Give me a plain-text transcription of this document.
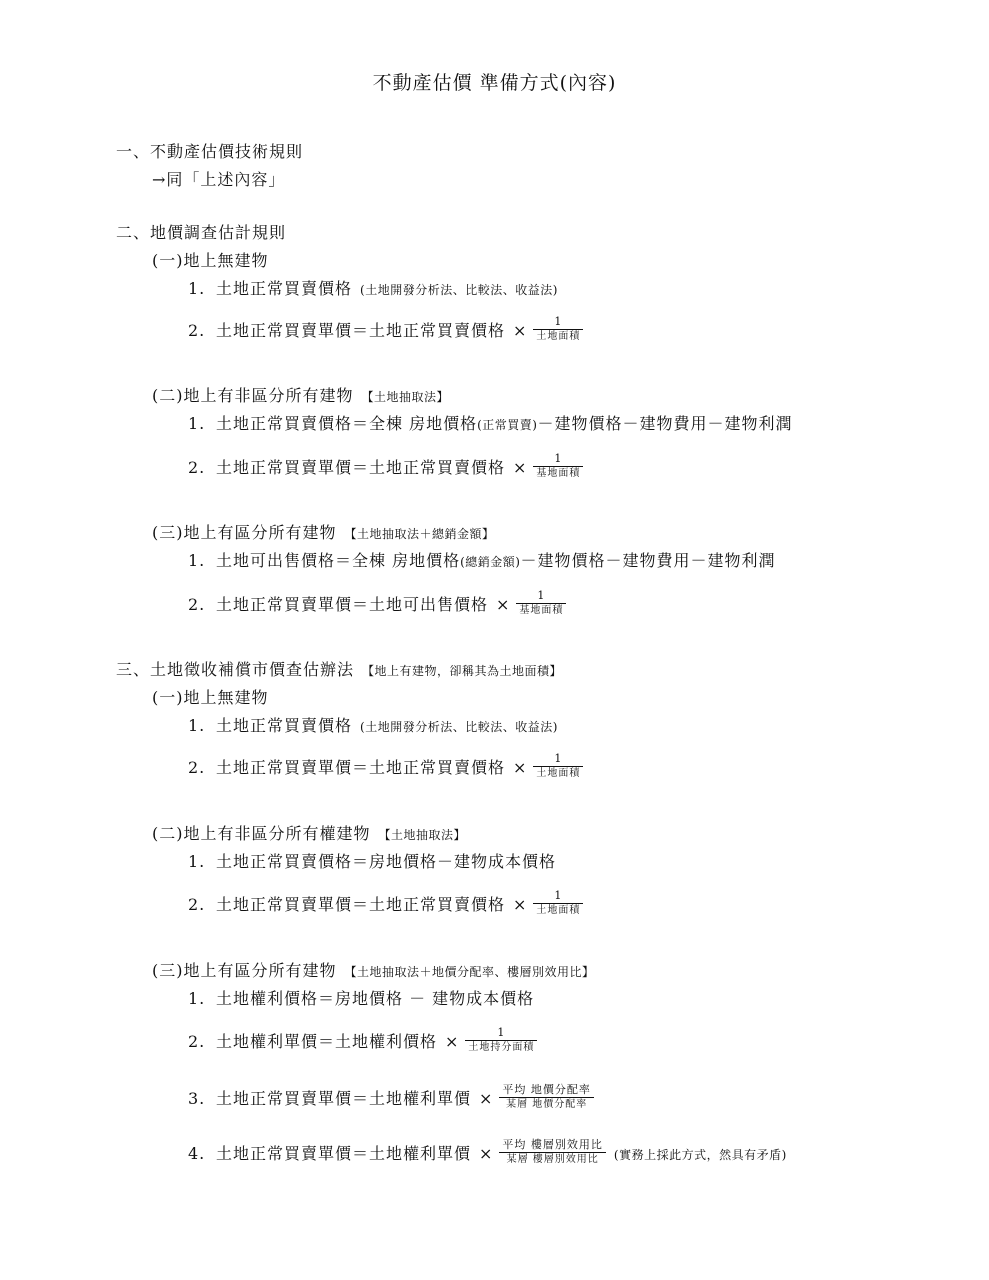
不動產估價 準備方式(內容)
一、不動產估價技術規則
→同「上述內容」
二、地價調查估計規則
(一)地上無建物
1. 土地正常買賣價格 (土地開發分析法、比較法、收益法)
2. 土地正常買賣單價＝土地正常買賣價格 × $\frac{1}{\text{土地面積}}$
(二)地上有非區分所有建物 【土地抽取法】
1. 土地正常買賣價格＝全棟 房地價格(正常買賣)－建物價格－建物費用－建物利潤
2. 土地正常買賣單價＝土地正常買賣價格 × $\frac{1}{\text{基地面積}}$
(三)地上有區分所有建物 【土地抽取法＋總銷金額】
1. 土地可出售價格＝全棟 房地價格(總銷金額)－建物價格－建物費用－建物利潤
2. 土地正常買賣單價＝土地可出售價格 × $\frac{1}{\text{基地面積}}$
三、土地徵收補償市價查估辦法 【地上有建物，卻稱其為土地面積】
(一)地上無建物
1. 土地正常買賣價格 (土地開發分析法、比較法、收益法)
2. 土地正常買賣單價＝土地正常買賣價格 × $\frac{1}{\text{土地面積}}$
(二)地上有非區分所有權建物 【土地抽取法】
1. 土地正常買賣價格＝房地價格－建物成本價格
2. 土地正常買賣單價＝土地正常買賣價格 × $\frac{1}{\text{土地面積}}$
(三)地上有區分所有建物 【土地抽取法＋地價分配率、樓層別效用比】
1. 土地權利價格＝房地價格 － 建物成本價格
2. 土地權利單價＝土地權利價格 × $\frac{1}{\text{土地持分面積}}$
3. 土地正常買賣單價＝土地權利單價 × $\frac{\text{平均 地價分配率}}{\text{某層 地價分配率}}$
4. 土地正常買賣單價＝土地權利單價 × $\frac{\text{平均 樓層別效用比}}{\text{某層 樓層別效用比}}$ (實務上採此方式，然具有矛盾)
